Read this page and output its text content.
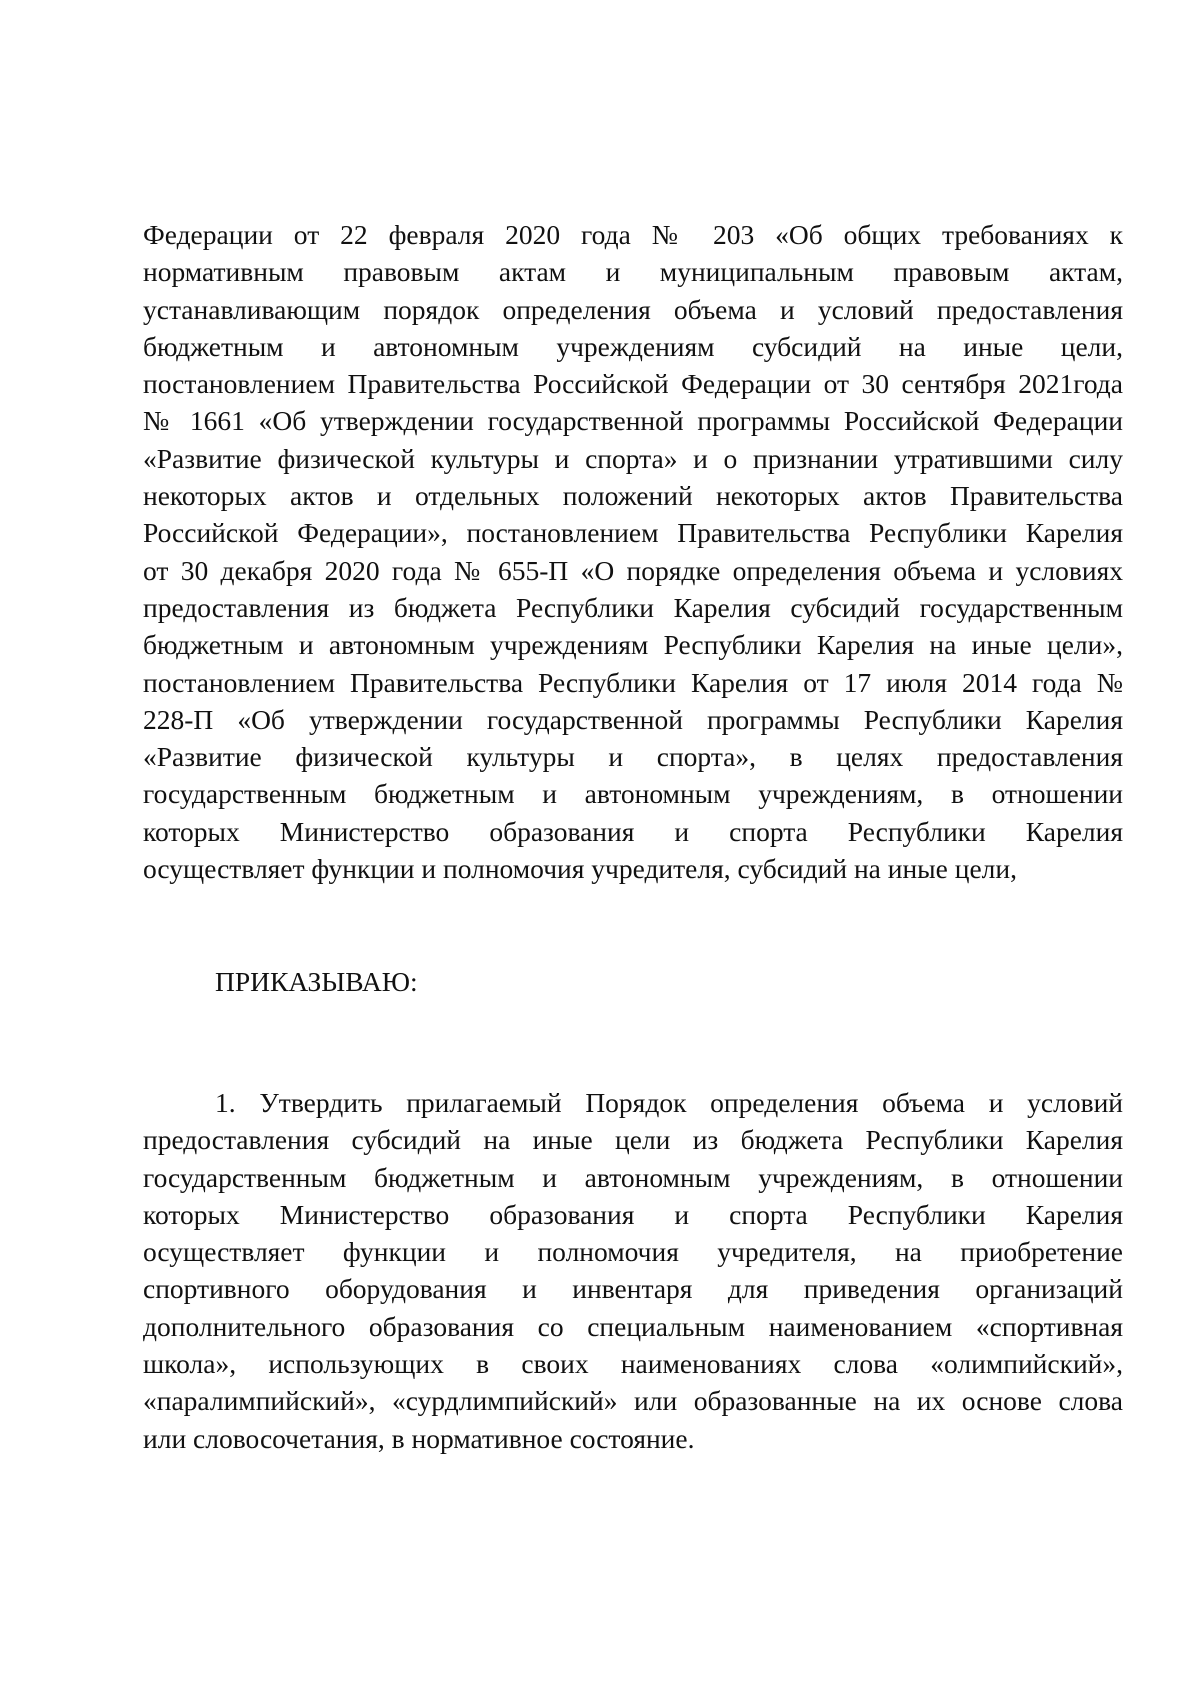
Федерации от 22 февраля 2020 года № 203 «Об общих требованиях к
нормативным правовым актам и муниципальным правовым актам,
устанавливающим порядок определения объема и условий предоставления
бюджетным и автономным учреждениям субсидий на иные цели,
постановлением Правительства Российской Федерации от 30 сентября 2021года
№ 1661 «Об утверждении государственной программы Российской Федерации
«Развитие физической культуры и спорта» и о признании утратившими силу
некоторых актов и отдельных положений некоторых актов Правительства
Российской Федерации», постановлением Правительства Республики Карелия
от 30 декабря 2020 года № 655-П «О порядке определения объема и условиях
предоставления из бюджета Республики Карелия субсидий государственным
бюджетным и автономным учреждениям Республики Карелия на иные цели»,
постановлением Правительства Республики Карелия от 17 июля 2014 года №
228-П «Об утверждении государственной программы Республики Карелия
«Развитие физической культуры и спорта», в целях предоставления
государственным бюджетным и автономным учреждениям, в отношении
которых Министерство образования и спорта Республики Карелия
осуществляет функции и полномочия учредителя, субсидий на иные цели,
ПРИКАЗЫВАЮ:
1. Утвердить прилагаемый Порядок определения объема и условий
предоставления субсидий на иные цели из бюджета Республики Карелия
государственным бюджетным и автономным учреждениям, в отношении
которых Министерство образования и спорта Республики Карелия
осуществляет функции и полномочия учредителя, на приобретение
спортивного оборудования и инвентаря для приведения организаций
дополнительного образования со специальным наименованием «спортивная
школа», использующих в своих наименованиях слова «олимпийский»,
«паралимпийский», «сурдлимпийский» или образованные на их основе слова
или словосочетания, в нормативное состояние.
